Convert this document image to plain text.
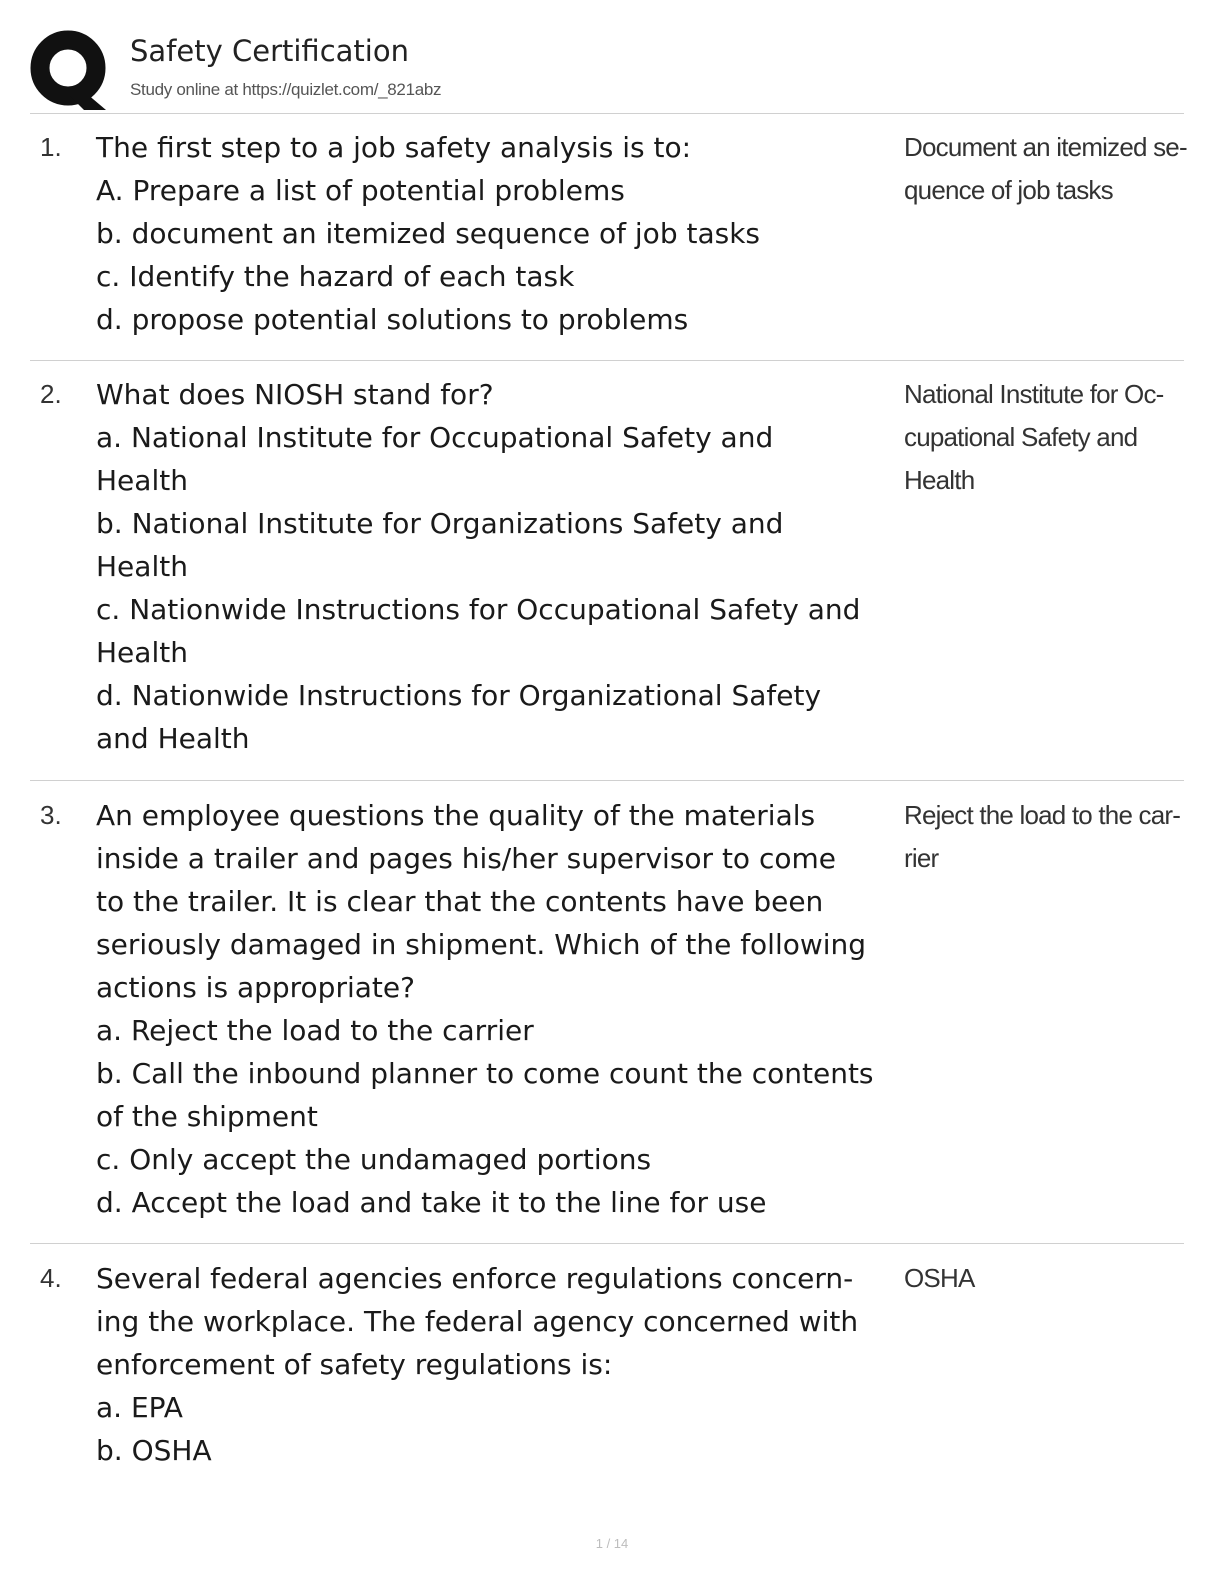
Safety Certification
Study online at https://quizlet.com/_821abz
1. The first step to a job safety analysis is to:
A. Prepare a list of potential problems
b. document an itemized sequence of job tasks
c. Identify the hazard of each task
d. propose potential solutions to problems
Document an itemized se-
quence of job tasks
2. What does NIOSH stand for?
a. National Institute for Occupational Safety and
Health
b. National Institute for Organizations Safety and
Health
c. Nationwide Instructions for Occupational Safety and
Health
d. Nationwide Instructions for Organizational Safety
and Health
National Institute for Oc-
cupational Safety and
Health
3. An employee questions the quality of the materials
inside a trailer and pages his/her supervisor to come
to the trailer. It is clear that the contents have been
seriously damaged in shipment. Which of the following
actions is appropriate?
a. Reject the load to the carrier
b. Call the inbound planner to come count the contents
of the shipment
c. Only accept the undamaged portions
d. Accept the load and take it to the line for use
Reject the load to the car-
rier
4. Several federal agencies enforce regulations concern-
ing the workplace. The federal agency concerned with
enforcement of safety regulations is:
a. EPA
b. OSHA
OSHA
1 / 14
